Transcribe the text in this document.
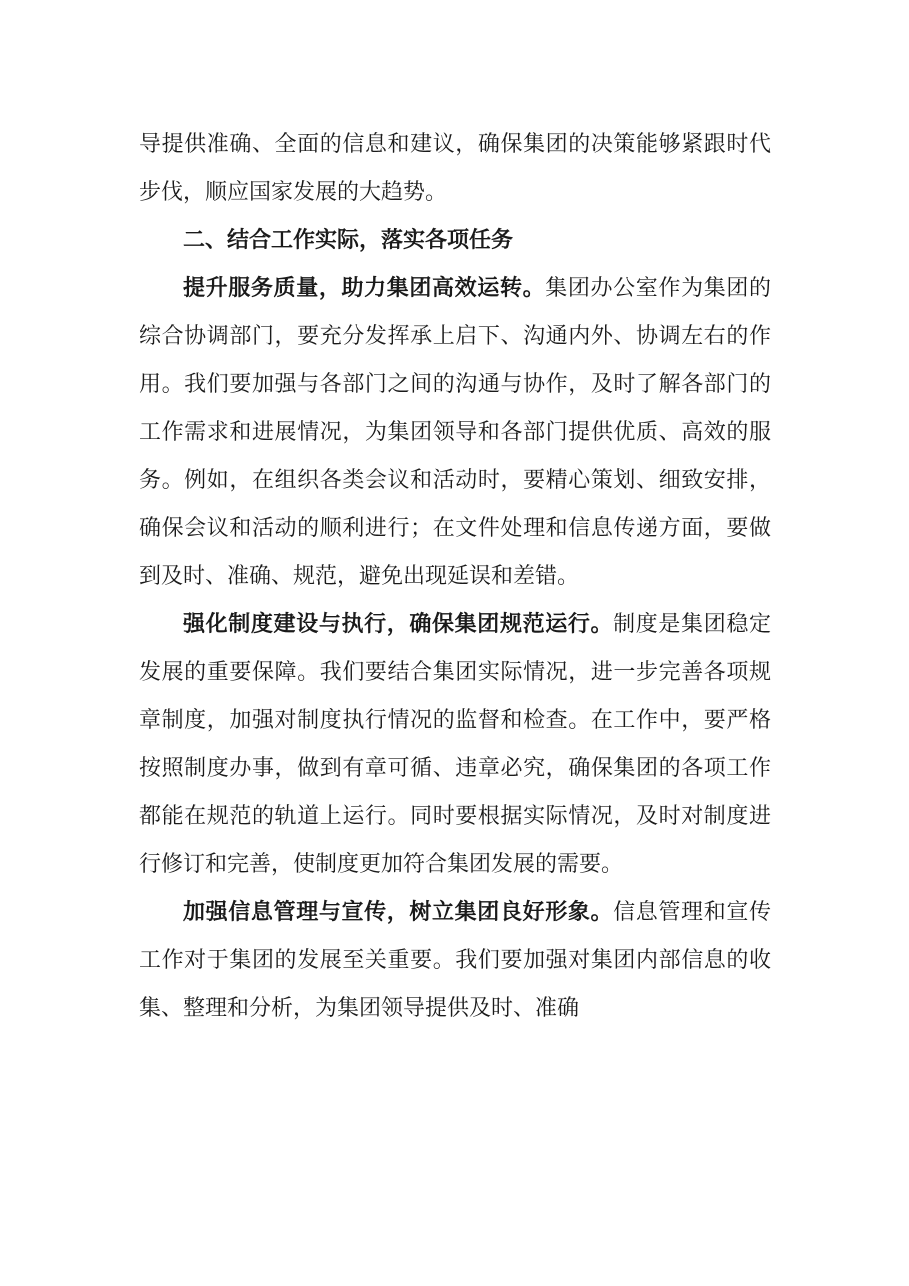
导提供准确、全面的信息和建议，确保集团的决策能够紧跟时代步伐，顺应国家发展的大趋势。

二、结合工作实际，落实各项任务

提升服务质量，助力集团高效运转。集团办公室作为集团的综合协调部门，要充分发挥承上启下、沟通内外、协调左右的作用。我们要加强与各部门之间的沟通与协作，及时了解各部门的工作需求和进展情况，为集团领导和各部门提供优质、高效的服务。例如，在组织各类会议和活动时，要精心策划、细致安排，确保会议和活动的顺利进行；在文件处理和信息传递方面，要做到及时、准确、规范，避免出现延误和差错。

强化制度建设与执行，确保集团规范运行。制度是集团稳定发展的重要保障。我们要结合集团实际情况，进一步完善各项规章制度，加强对制度执行情况的监督和检查。在工作中，要严格按照制度办事，做到有章可循、违章必究，确保集团的各项工作都能在规范的轨道上运行。同时要根据实际情况，及时对制度进行修订和完善，使制度更加符合集团发展的需要。

加强信息管理与宣传，树立集团良好形象。信息管理和宣传工作对于集团的发展至关重要。我们要加强对集团内部信息的收集、整理和分析，为集团领导提供及时、准确
